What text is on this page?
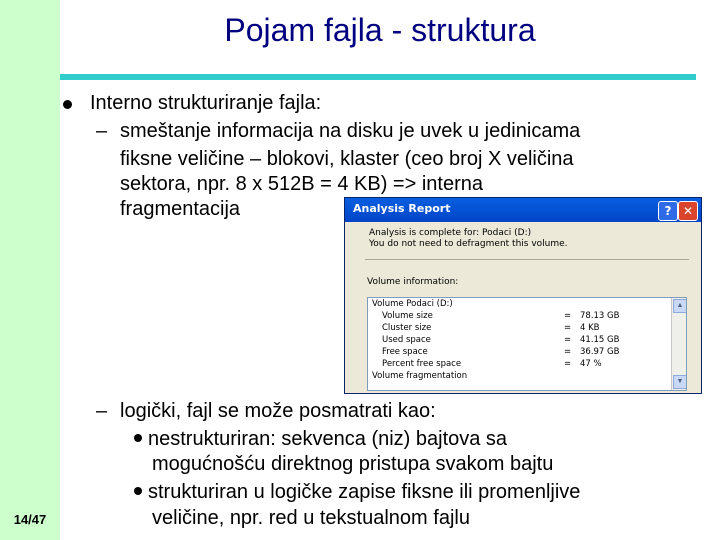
14/47
Pojam fajla - struktura
Interno strukturiranje fajla:
– smeštanje informacija na disku je uvek u jedinicama
fiksne veličine – blokovi, klaster (ceo broj X veličina
sektora, npr. 8 x 512B = 4 KB) => interna
fragmentacija
– logički, fajl se može posmatrati kao:
nestrukturiran: sekvenca (niz) bajtova sa
mogućnošću direktnog pristupa svakom bajtu
strukturiran u logičke zapise fiksne ili promenljive
veličine, npr. red u tekstualnom fajlu
Analysis Report	? ✕
Analysis is complete for: Podaci (D:)
You do not need to defragment this volume.
Volume information:
Volume Podaci (D:)
Volume size	= 78.13 GB
Cluster size	= 4 KB
Used space	= 41.15 GB
Free space	= 36.97 GB
Percent free space	= 47 %
Volume fragmentation
▲
▼
